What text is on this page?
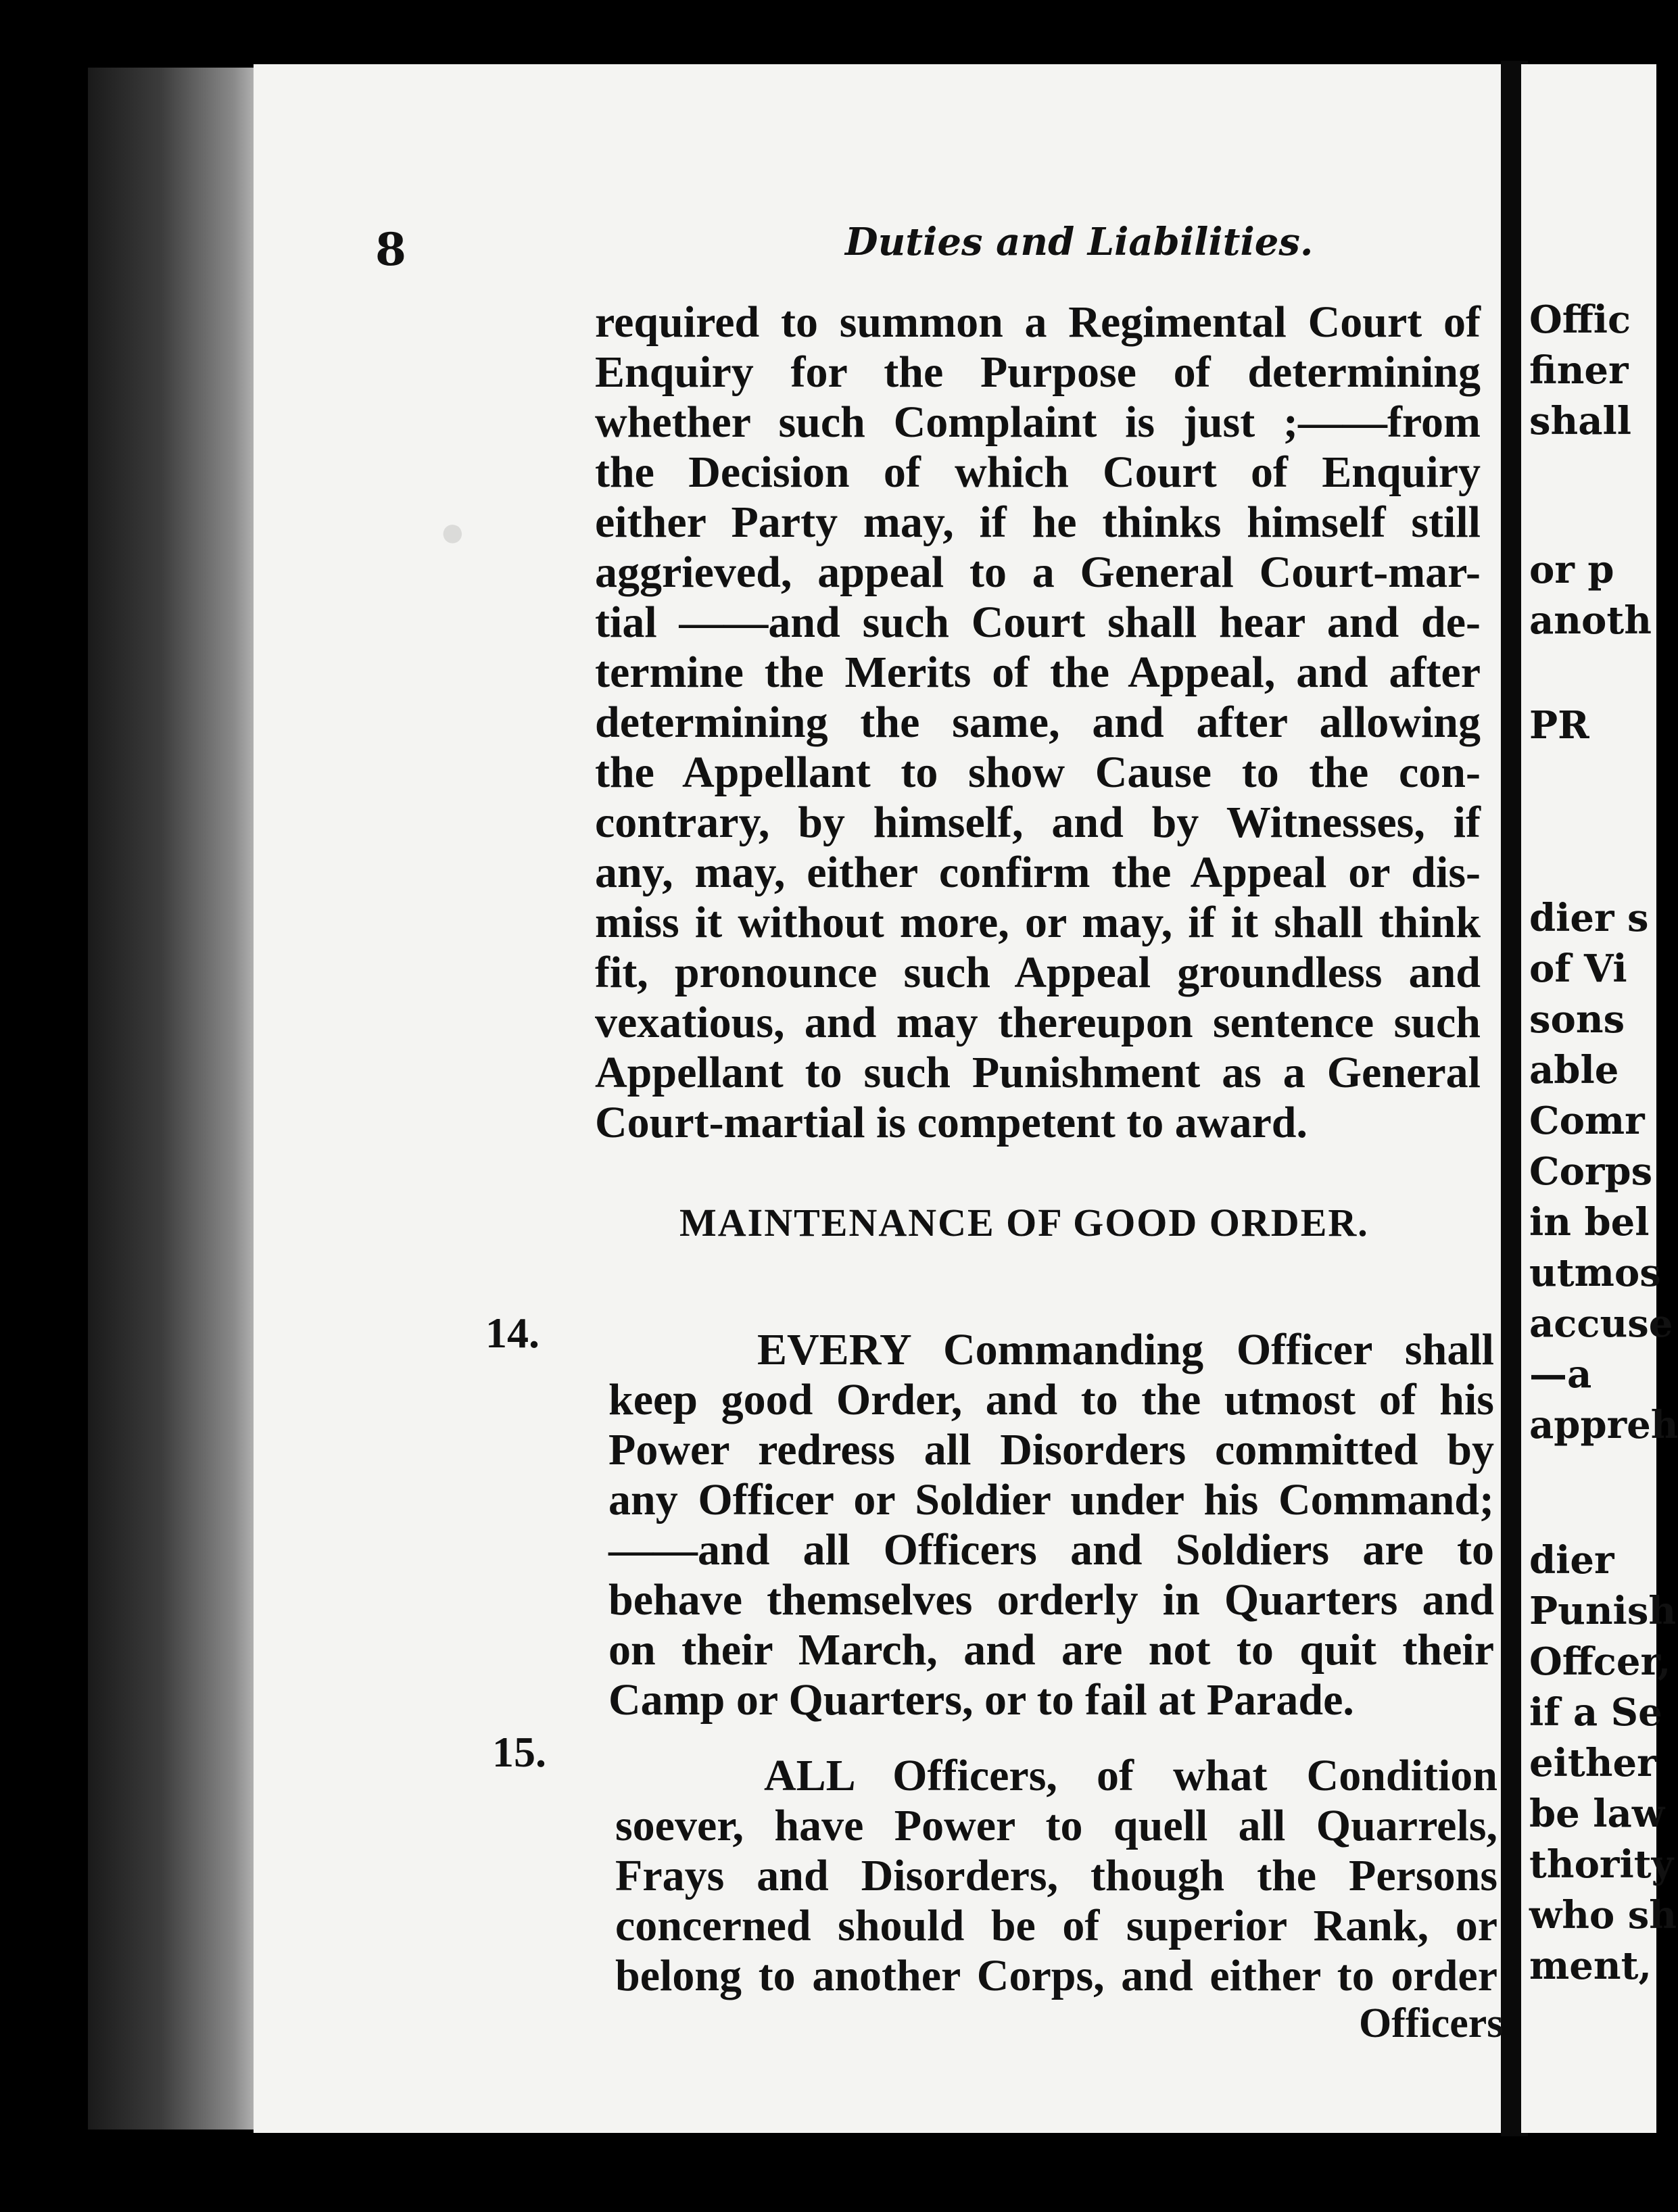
Offic
finer
shall
or p
anoth
PR
dier s
of Vi
sons
able
Comr
Corps
in bel
utmos
accuse
—a
appreh
dier
Punish
Offcer,
if a Se
either
be law
thority
who sh
ment,
●
8	Duties and Liabilities.
required to summon a Regimental Court of
Enquiry for the Purpose of determining
whether such Complaint is just ;——from
the Decision of which Court of Enquiry
either Party may, if he thinks himself still
aggrieved, appeal to a General Court-mar-
tial ——and such Court shall hear and de-
termine the Merits of the Appeal, and after
determining the same, and after allowing
the Appellant to show Cause to the con-
contrary, by himself, and by Witnesses, if
any, may, either confirm the Appeal or dis-
miss it without more, or may, if it shall think
fit, pronounce such Appeal groundless and
vexatious, and may thereupon sentence such
Appellant to such Punishment as a General
Court-martial is competent to award.
MAINTENANCE OF GOOD ORDER.
14.	EVERY Commanding Officer shall
keep good Order, and to the utmost of his
Power redress all Disorders committed by
any Officer or Soldier under his Command;
——and all Officers and Soldiers are to
behave themselves orderly in Quarters and
on their March, and are not to quit their
Camp or Quarters, or to fail at Parade.
15.	ALL Officers, of what Condition
soever, have Power to quell all Quarrels,
Frays and Disorders, though the Persons
concerned should be of superior Rank, or
belong to another Corps, and either to order
Officers
